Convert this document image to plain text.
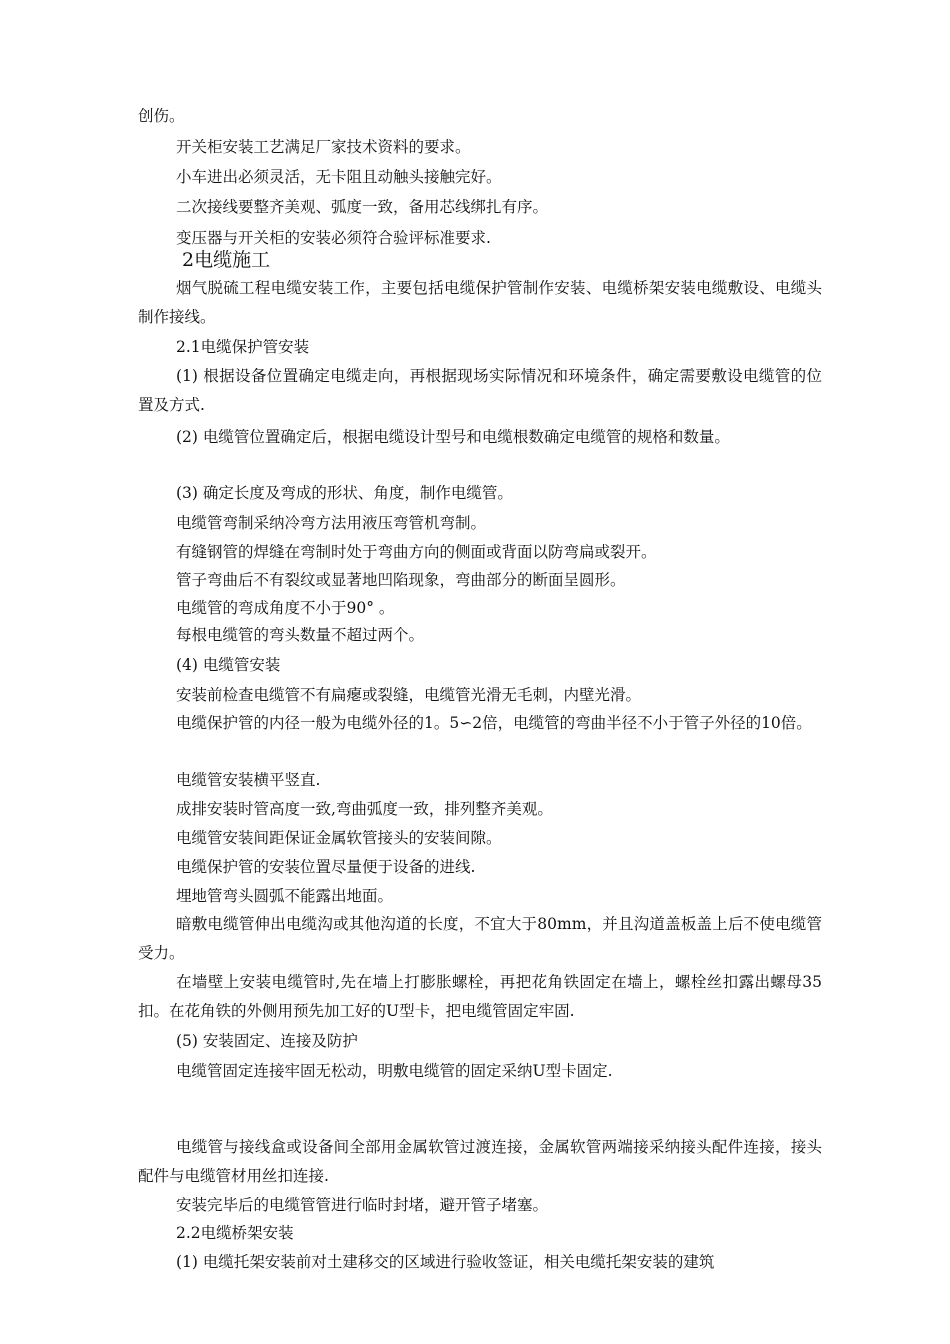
创伤。
开关柜安装工艺满足厂家技术资料的要求。
小车进出必须灵活，无卡阻且动触头接触完好。
二次接线要整齐美观、弧度一致，备用芯线绑扎有序。
变压器与开关柜的安装必须符合验评标准要求.
2电缆施工

烟气脱硫工程电缆安装工作，主要包括电缆保护管制作安装、电缆桥架安装电缆敷设、电缆头制作接线。

2.1电缆保护管安装

(1) 根据设备位置确定电缆走向，再根据现场实际情况和环境条件，确定需要敷设电缆管的位置及方式.

(2) 电缆管位置确定后，根据电缆设计型号和电缆根数确定电缆管的规格和数量。

(3) 确定长度及弯成的形状、角度，制作电缆管。
电缆管弯制采纳冷弯方法用液压弯管机弯制。
有缝钢管的焊缝在弯制时处于弯曲方向的侧面或背面以防弯扁或裂开。
管子弯曲后不有裂纹或显著地凹陷现象，弯曲部分的断面呈圆形。
电缆管的弯成角度不小于90° 。
每根电缆管的弯头数量不超过两个。
(4) 电缆管安装
安装前检查电缆管不有扁瘪或裂缝，电缆管光滑无毛刺，内壁光滑。

电缆保护管的内径一般为电缆外径的1。5∽2倍，电缆管的弯曲半径不小于管子外径的10倍。

电缆管安装横平竖直.
成排安装时管高度一致,弯曲弧度一致，排列整齐美观。
电缆管安装间距保证金属软管接头的安装间隙。
电缆保护管的安装位置尽量便于设备的进线.
埋地管弯头圆弧不能露出地面。

暗敷电缆管伸出电缆沟或其他沟道的长度，不宜大于80mm，并且沟道盖板盖上后不使电缆管受力。

在墙壁上安装电缆管时,先在墙上打膨胀螺栓，再把花角铁固定在墙上，螺栓丝扣露出螺母35扣。在花角铁的外侧用预先加工好的U型卡，把电缆管固定牢固.

(5) 安装固定、连接及防护
电缆管固定连接牢固无松动，明敷电缆管的固定采纳U型卡固定.

电缆管与接线盒或设备间全部用金属软管过渡连接，金属软管两端接采纳接头配件连接，接头配件与电缆管材用丝扣连接.

安装完毕后的电缆管管进行临时封堵，避开管子堵塞。
2.2电缆桥架安装
(1) 电缆托架安装前对土建移交的区域进行验收签证，相关电缆托架安装的建筑
